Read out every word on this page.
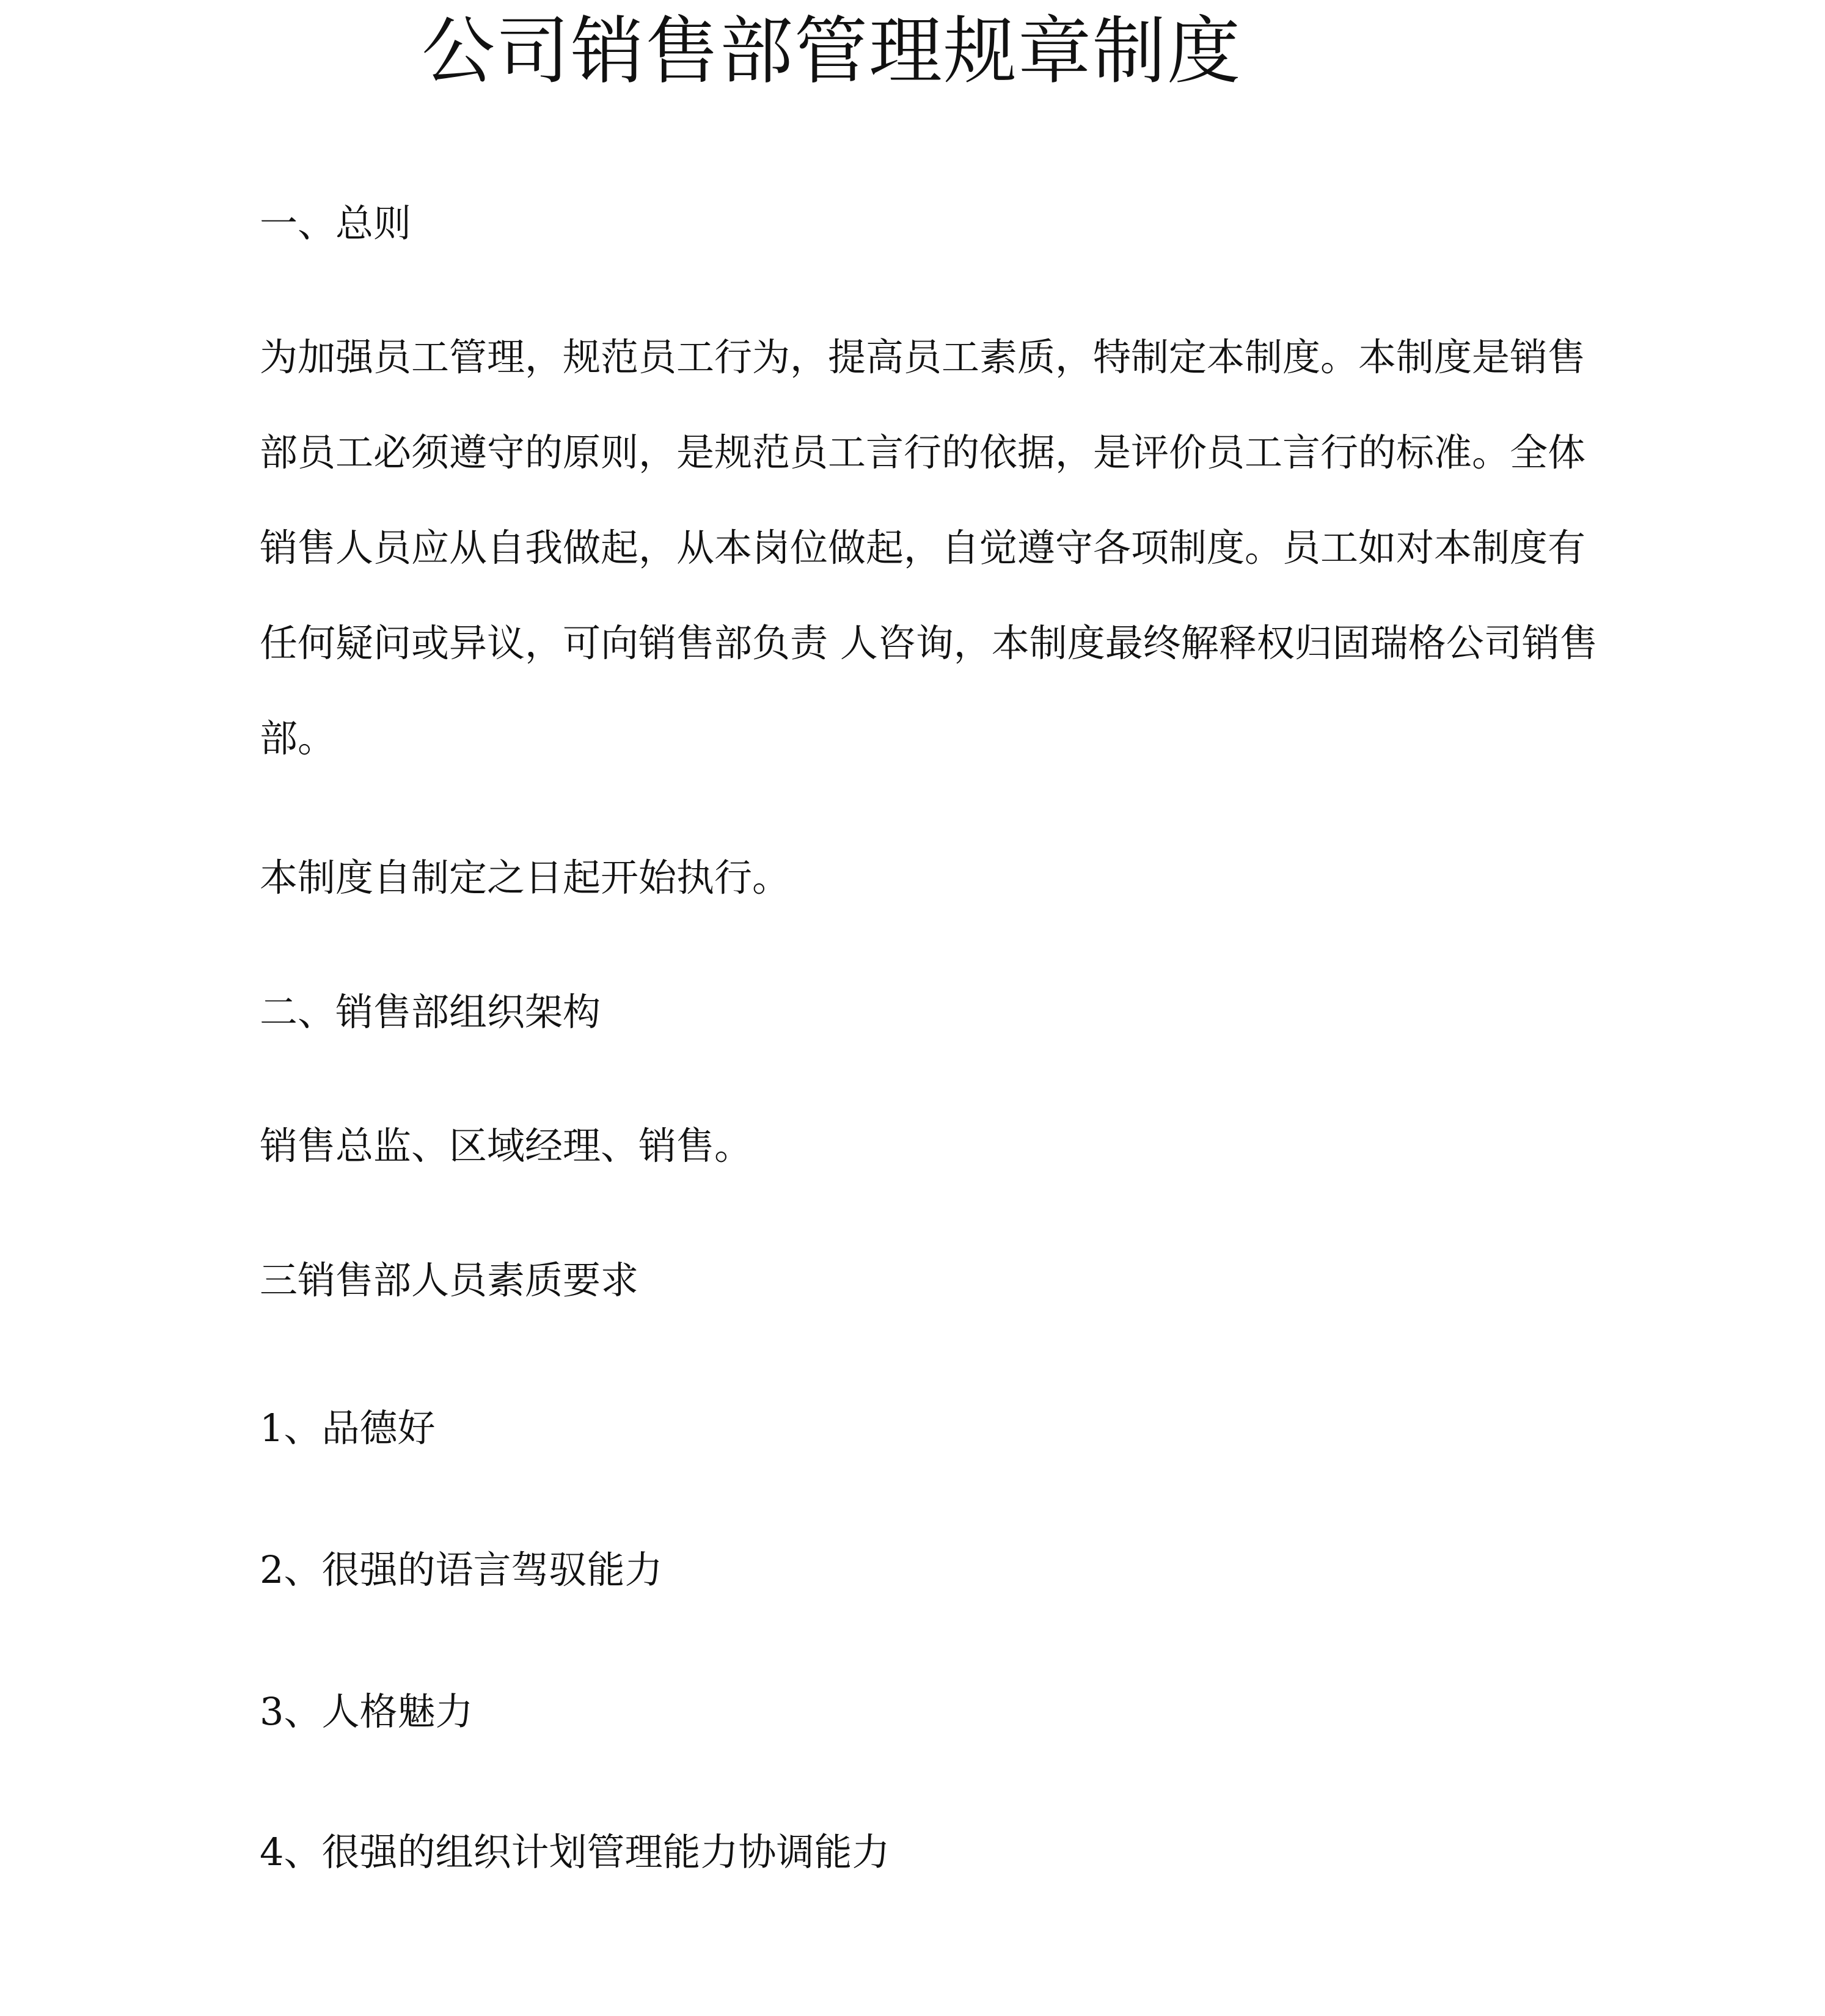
公司销售部管理规章制度

一、总则

为加强员工管理，规范员工行为，提高员工素质，特制定本制度。本制度是销售
部员工必须遵守的原则，是规范员工言行的依据，是评价员工言行的标准。全体
销售人员应从自我做起，从本岗位做起，自觉遵守各项制度。员工如对本制度有
任何疑问或异议，可向销售部负责 人咨询，本制度最终解释权归固瑞格公司销售
部。

本制度自制定之日起开始执行。

二、销售部组织架构

销售总监、区域经理、销售。

三销售部人员素质要求

1、品德好

2、很强的语言驾驭能力

3、人格魅力

4、很强的组织计划管理能力协调能力
